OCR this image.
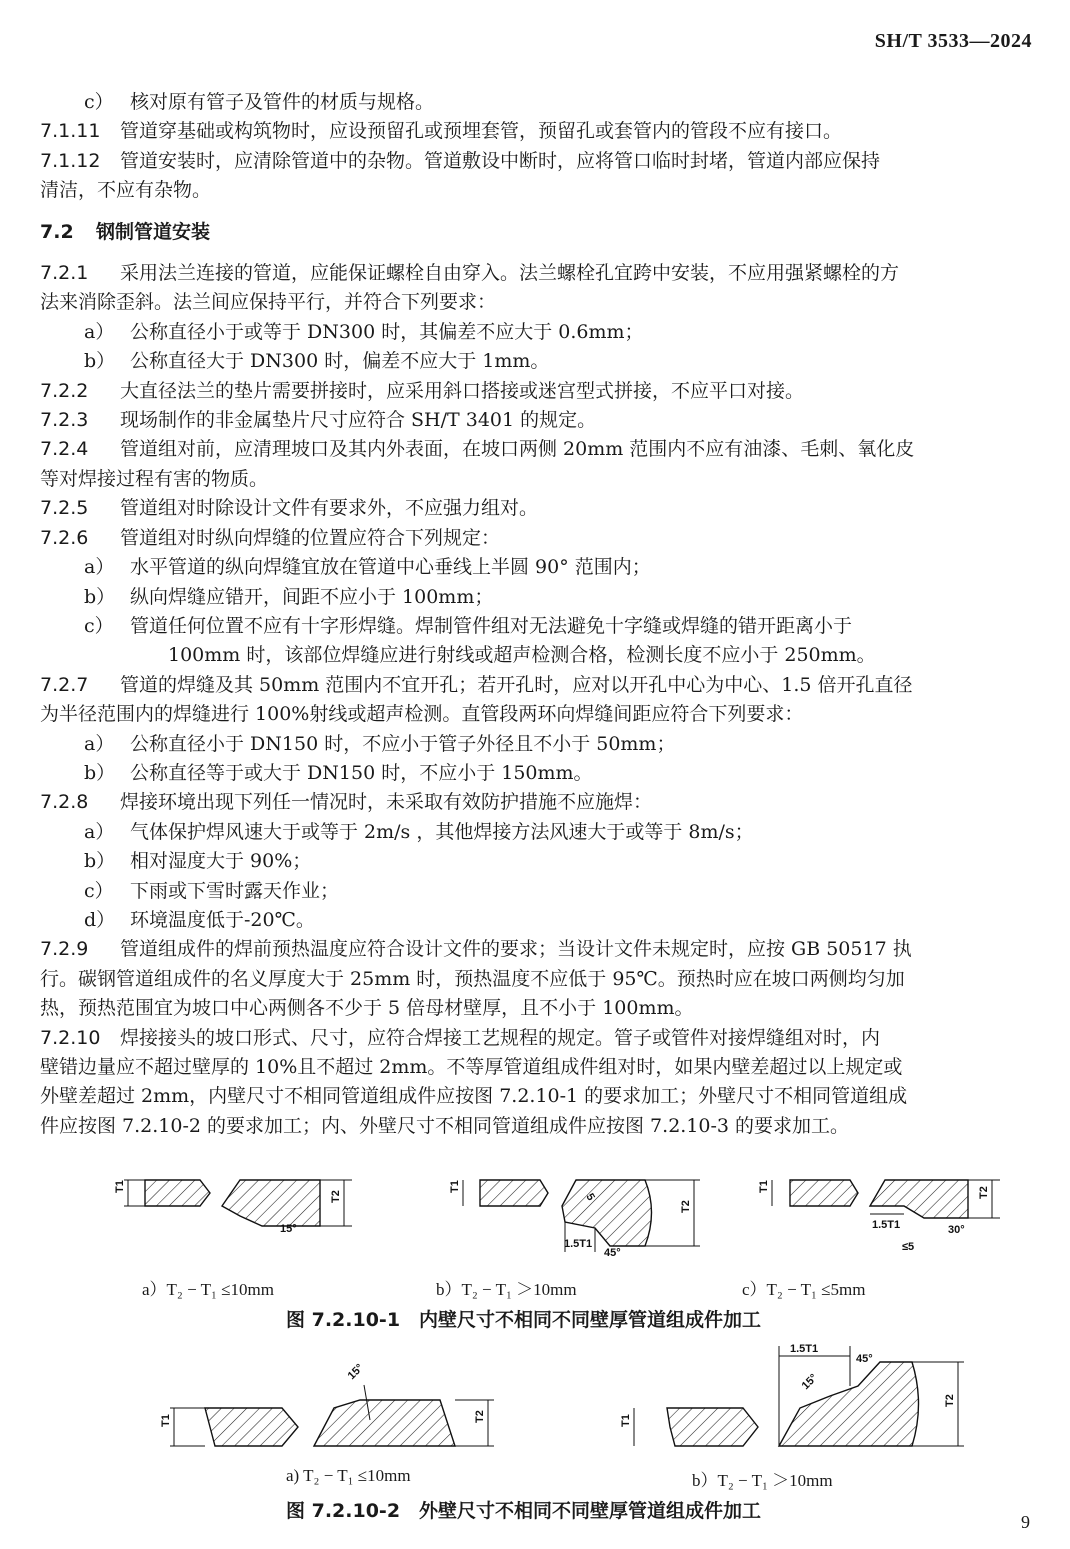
SH/T 3533—2024
c） 核对原有管子及管件的材质与规格。
7.1.11 管道穿基础或构筑物时，应设预留孔或预埋套管，预留孔或套管内的管段不应有接口。
7.1.12 管道安装时，应清除管道中的杂物。管道敷设中断时，应将管口临时封堵，管道内部应保持
清洁，不应有杂物。
7.2 钢制管道安装
7.2.1 采用法兰连接的管道，应能保证螺栓自由穿入。法兰螺栓孔宜跨中安装，不应用强紧螺栓的方
法来消除歪斜。法兰间应保持平行，并符合下列要求：
a） 公称直径小于或等于 DN300 时，其偏差不应大于 0.6mm；
b） 公称直径大于 DN300 时，偏差不应大于 1mm。
7.2.2 大直径法兰的垫片需要拼接时，应采用斜口搭接或迷宫型式拼接，不应平口对接。
7.2.3 现场制作的非金属垫片尺寸应符合 SH/T 3401 的规定。
7.2.4 管道组对前，应清理坡口及其内外表面，在坡口两侧 20mm 范围内不应有油漆、毛刺、氧化皮
等对焊接过程有害的物质。
7.2.5 管道组对时除设计文件有要求外，不应强力组对。
7.2.6 管道组对时纵向焊缝的位置应符合下列规定：
a） 水平管道的纵向焊缝宜放在管道中心垂线上半圆 90° 范围内；
b） 纵向焊缝应错开，间距不应小于 100mm；
c） 管道任何位置不应有十字形焊缝。焊制管件组对无法避免十字缝或焊缝的错开距离小于
100mm 时，该部位焊缝应进行射线或超声检测合格，检测长度不应小于 250mm。
7.2.7 管道的焊缝及其 50mm 范围内不宜开孔；若开孔时，应对以开孔中心为中心、1.5 倍开孔直径
为半径范围内的焊缝进行 100%射线或超声检测。直管段两环向焊缝间距应符合下列要求：
a） 公称直径小于 DN150 时，不应小于管子外径且不小于 50mm；
b） 公称直径等于或大于 DN150 时，不应小于 150mm。
7.2.8 焊接环境出现下列任一情况时，未采取有效防护措施不应施焊：
a） 气体保护焊风速大于或等于 2m/s ，其他焊接方法风速大于或等于 8m/s；
b） 相对湿度大于 90%；
c） 下雨或下雪时露天作业；
d） 环境温度低于-20℃。
7.2.9 管道组成件的焊前预热温度应符合设计文件的要求；当设计文件未规定时，应按 GB 50517 执
行。碳钢管道组成件的名义厚度大于 25mm 时，预热温度不应低于 95℃。预热时应在坡口两侧均匀加
热，预热范围宜为坡口中心两侧各不少于 5 倍母材壁厚，且不小于 100mm。
7.2.10 焊接接头的坡口形式、尺寸，应符合焊接工艺规程的规定。管子或管件对接焊缝组对时，内
壁错边量应不超过壁厚的 10%且不超过 2mm。不等厚管道组成件组对时，如果内壁差超过以上规定或
外壁差超过 2mm，内壁尺寸不相同管道组成件应按图 7.2.10-1 的要求加工；外壁尺寸不相同管道组成
件应按图 7.2.10-2 的要求加工；内、外壁尺寸不相同管道组成件应按图 7.2.10-3 的要求加工。
T1
T2
15°
T1
T2
5
1.5T1
45°
T1	T2
1.5T1	30°
≤5
T1	T2
15°
T1
1.5T1
45°
15°
T2
a）T₂ − T₁ ≤10mm	b）T₂ − T₁ ＞10mm	c）T₂ − T₁ ≤5mm
图 7.2.10-1　内壁尺寸不相同不同壁厚管道组成件加工
a) T₂ − T₁ ≤10mm	b）T₂ − T₁ ＞10mm
图 7.2.10-2　外壁尺寸不相同不同壁厚管道组成件加工	9
